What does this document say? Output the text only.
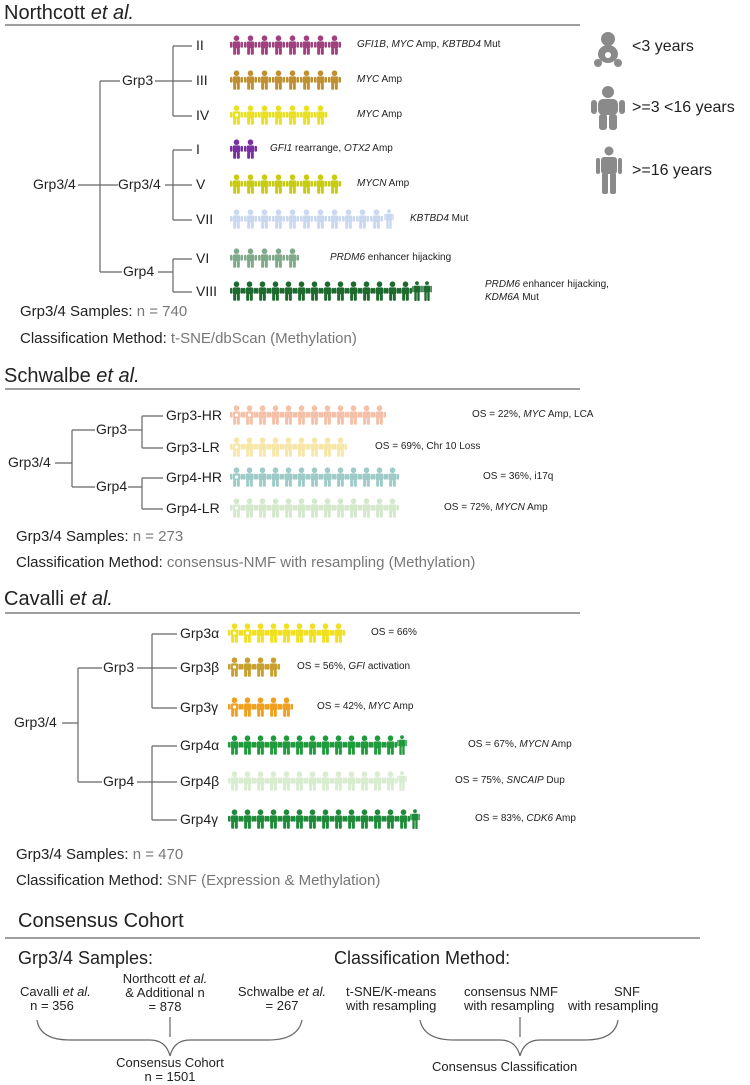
Northcott et al.
Grp3/4
Grp3
Grp3/4
Grp4
II	GFI1B, MYC Amp, KBTBD4 Mut
III	MYC Amp
IV	MYC Amp
I	GFI1 rearrange, OTX2 Amp
V	MYCN Amp
VII	KBTBD4 Mut
VI	PRDM6 enhancer hijacking
VIII	PRDM6 enhancer hijacking,
KDM6A Mut
Grp3/4 Samples: n = 740
Classification Method: t-SNE/dbScan (Methylation)
<3 years
>=3 <16 years
>=16 years
Schwalbe et al.
Grp3/4
Grp3
Grp4
Grp3-HR	OS = 22%, MYC Amp, LCA
Grp3-LR	OS = 69%, Chr 10 Loss
Grp4-HR	OS = 36%, i17q
Grp4-LR	OS = 72%, MYCN Amp
Grp3/4 Samples: n = 273
Classification Method: consensus-NMF with resampling (Methylation)
Cavalli et al.
Grp3/4
Grp3
Grp4
Grp3α	OS = 66%
Grp3β	OS = 56%, GFI activation
Grp3γ	OS = 42%, MYC Amp
Grp4α	OS = 67%, MYCN Amp
Grp4β	OS = 75%, SNCAIP Dup
Grp4γ	OS = 83%, CDK6 Amp
Grp3/4 Samples: n = 470
Classification Method: SNF (Expression & Methylation)
Consensus Cohort
Grp3/4 Samples:	Classification Method:
Cavalli et al.
n = 356
Northcott et al.
& Additional n
= 878
Schwalbe et al.
= 267
Consensus Cohort
n = 1501
t-SNE/K-means
with resampling
consensus NMF
with resampling
SNF
with resampling
Consensus Classification
